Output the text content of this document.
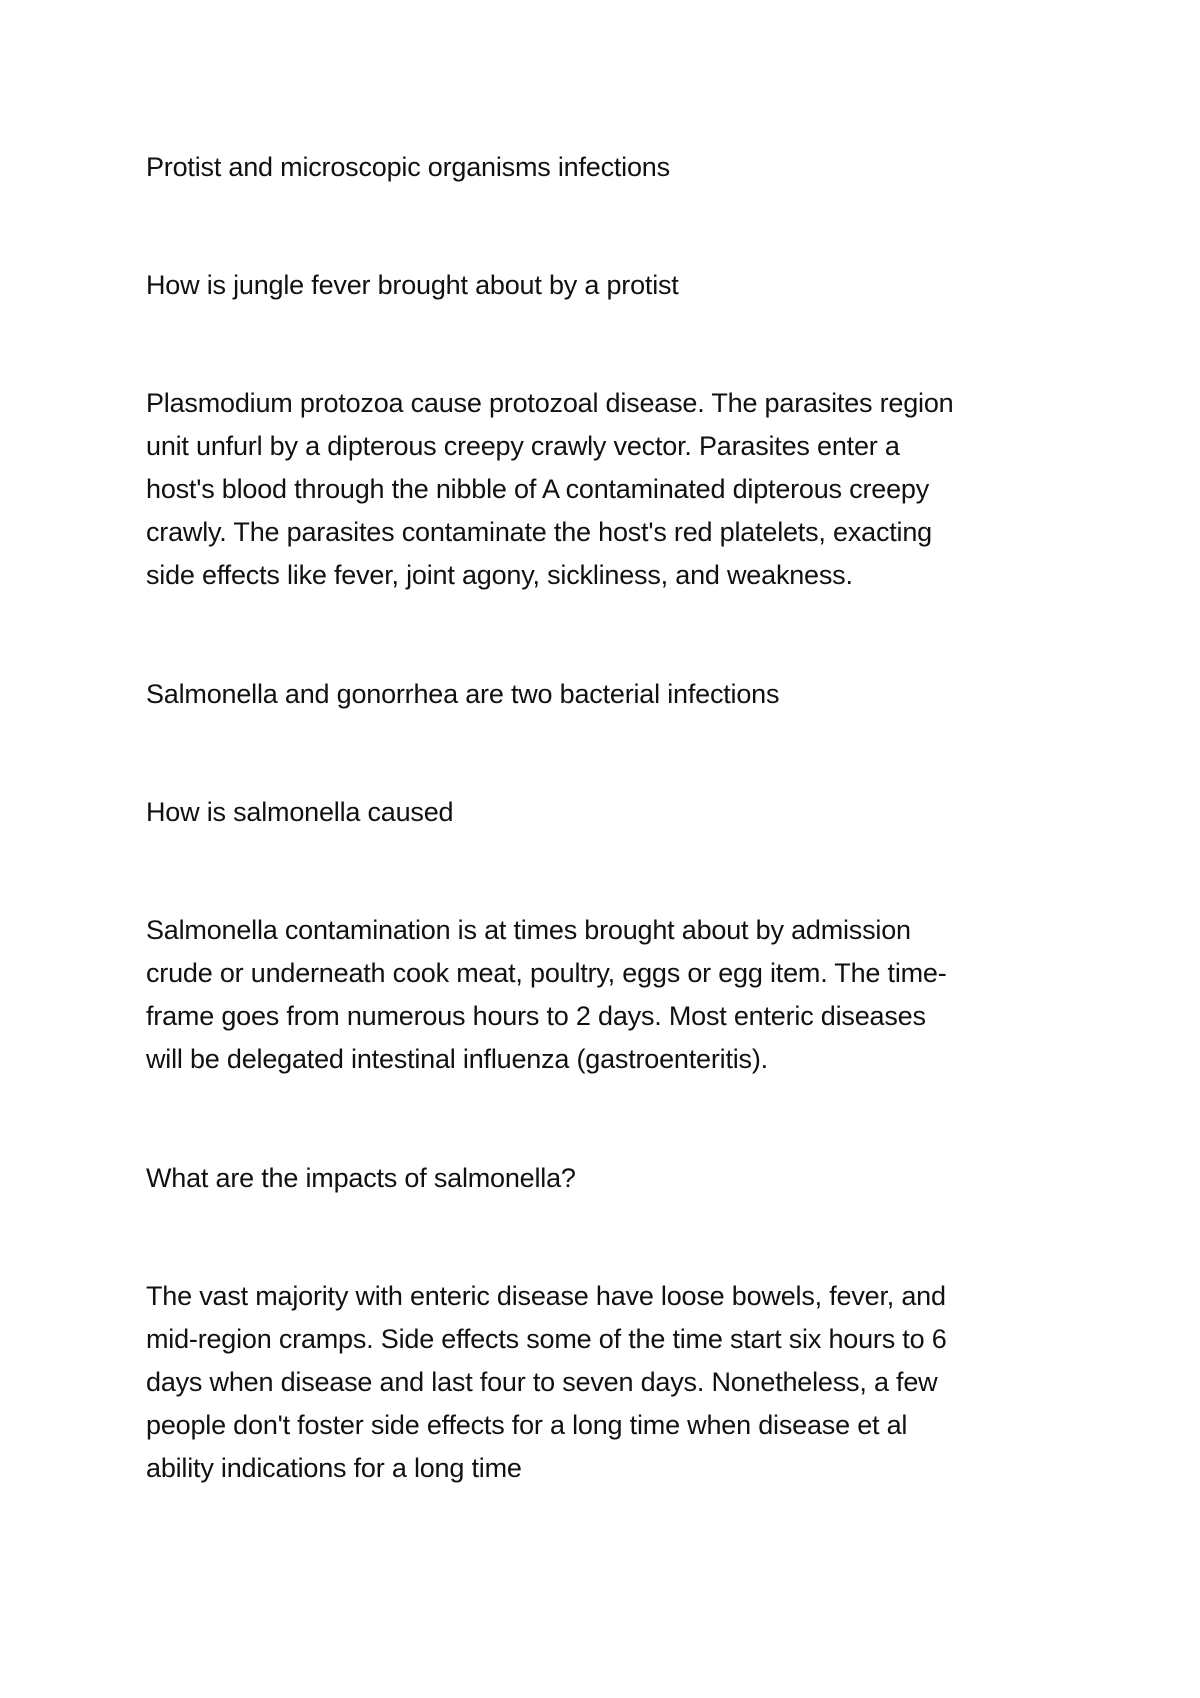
Protist and microscopic organisms infections

How is jungle fever brought about by a protist

Plasmodium protozoa cause protozoal disease. The parasites region

unit unfurl by a dipterous creepy crawly vector. Parasites enter a

host's blood through the nibble of A contaminated dipterous creepy

crawly. The parasites contaminate the host's red platelets, exacting

side effects like fever, joint agony, sickliness, and weakness.

Salmonella and gonorrhea are two bacterial infections

How is salmonella caused

Salmonella contamination is at times brought about by admission

crude or underneath cook meat, poultry, eggs or egg item. The time-

frame goes from numerous hours to 2 days. Most enteric diseases

will be delegated intestinal influenza (gastroenteritis).

What are the impacts of salmonella?

The vast majority with enteric disease have loose bowels, fever, and

mid-region cramps. Side effects some of the time start six hours to 6

days when disease and last four to seven days. Nonetheless, a few

people don't foster side effects for a long time when disease et al

ability indications for a long time
